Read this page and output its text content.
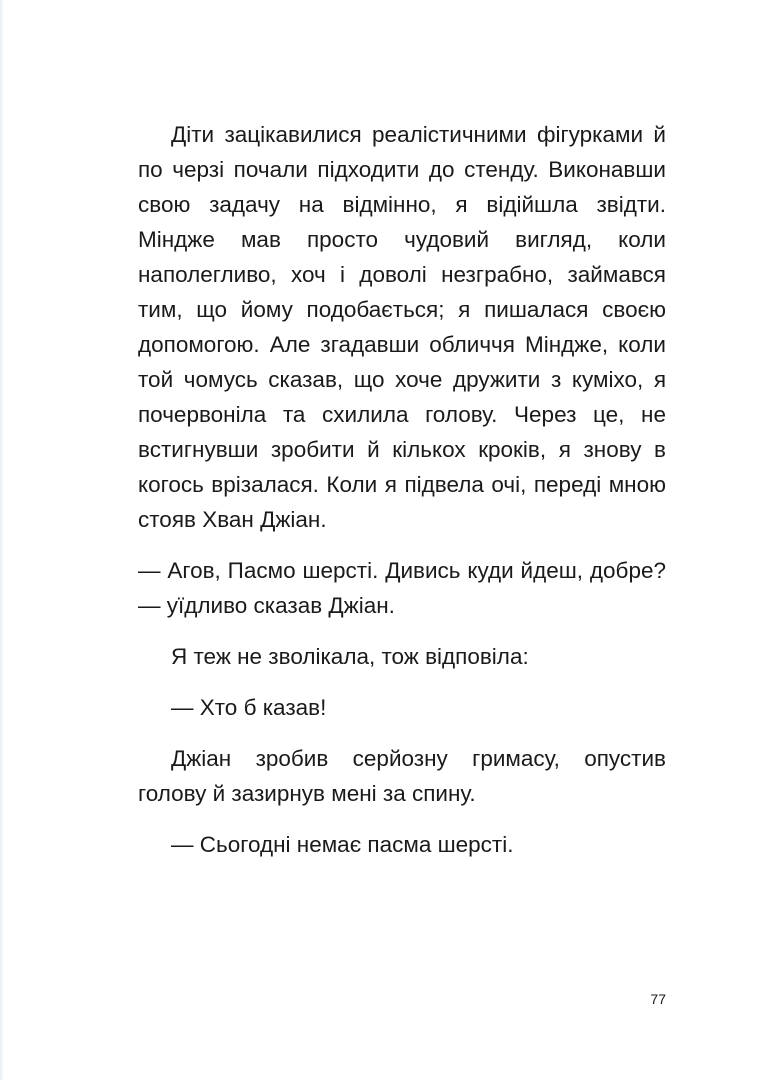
Діти зацікавилися реалістичними фігурками й по черзі почали підходити до стенду. Виконавши свою задачу на відмінно, я відійшла звідти. Міндже мав просто чудовий вигляд, коли наполегливо, хоч і доволі незграбно, займався тим, що йому подобається; я пишалася своєю допомогою. Але згадавши обличчя Міндже, коли той чомусь сказав, що хоче дружити з куміхо, я почервоніла та схилила голову. Через це, не встигнувши зробити й кількох кроків, я знову в когось врізалася. Коли я підвела очі, переді мною стояв Хван Джіан.

— Агов, Пасмо шерсті. Дивись куди йдеш, добре? — уїдливо сказав Джіан.

Я теж не зволікала, тож відповіла:

— Хто б казав!

Джіан зробив серйозну гримасу, опустив голову й зазирнув мені за спину.

— Сьогодні немає пасма шерсті.

77
